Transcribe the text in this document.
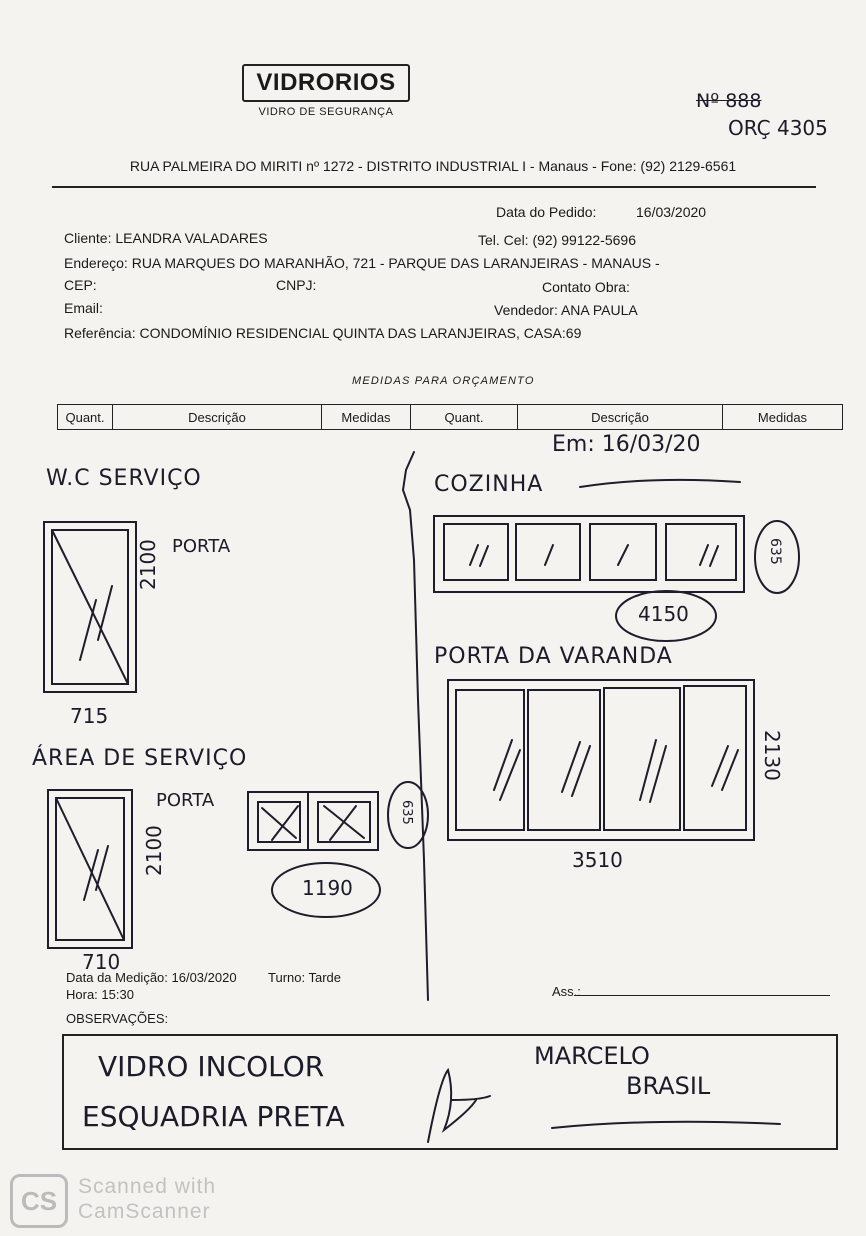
VIDRORIOS
VIDRO DE SEGURANÇA	Nº 888
ORÇ 4305
RUA PALMEIRA DO MIRITI nº 1272 - DISTRITO INDUSTRIAL I - Manaus - Fone: (92) 2129-6561
Data do Pedido:	16/03/2020
Cliente: LEANDRA VALADARES	Tel. Cel: (92) 99122-5696
Endereço: RUA MARQUES DO MARANHÃO, 721 - PARQUE DAS LARANJEIRAS - MANAUS -
CEP:	CNPJ:	Contato Obra:
Email:	Vendedor: ANA PAULA
Referência: CONDOMÍNIO RESIDENCIAL QUINTA DAS LARANJEIRAS, CASA:69
MEDIDAS PARA ORÇAMENTO
Quant.	Descrição	Medidas	Quant.	Descrição	Medidas
Em: 16/03/20
W.C SERVIÇO
PORTA
2100
715
ÁREA DE SERVIÇO
PORTA
2100
710
635
1190
COZINHA
635
4150
PORTA DA VARANDA
2130
3510
Data da Medição: 16/03/2020 Turno: Tarde
Hora: 15:30	Ass.:
OBSERVAÇÕES:
VIDRO INCOLOR
ESQUADRIA PRETA
MARCELO
BRASIL
CS Scanned with
CamScanner
